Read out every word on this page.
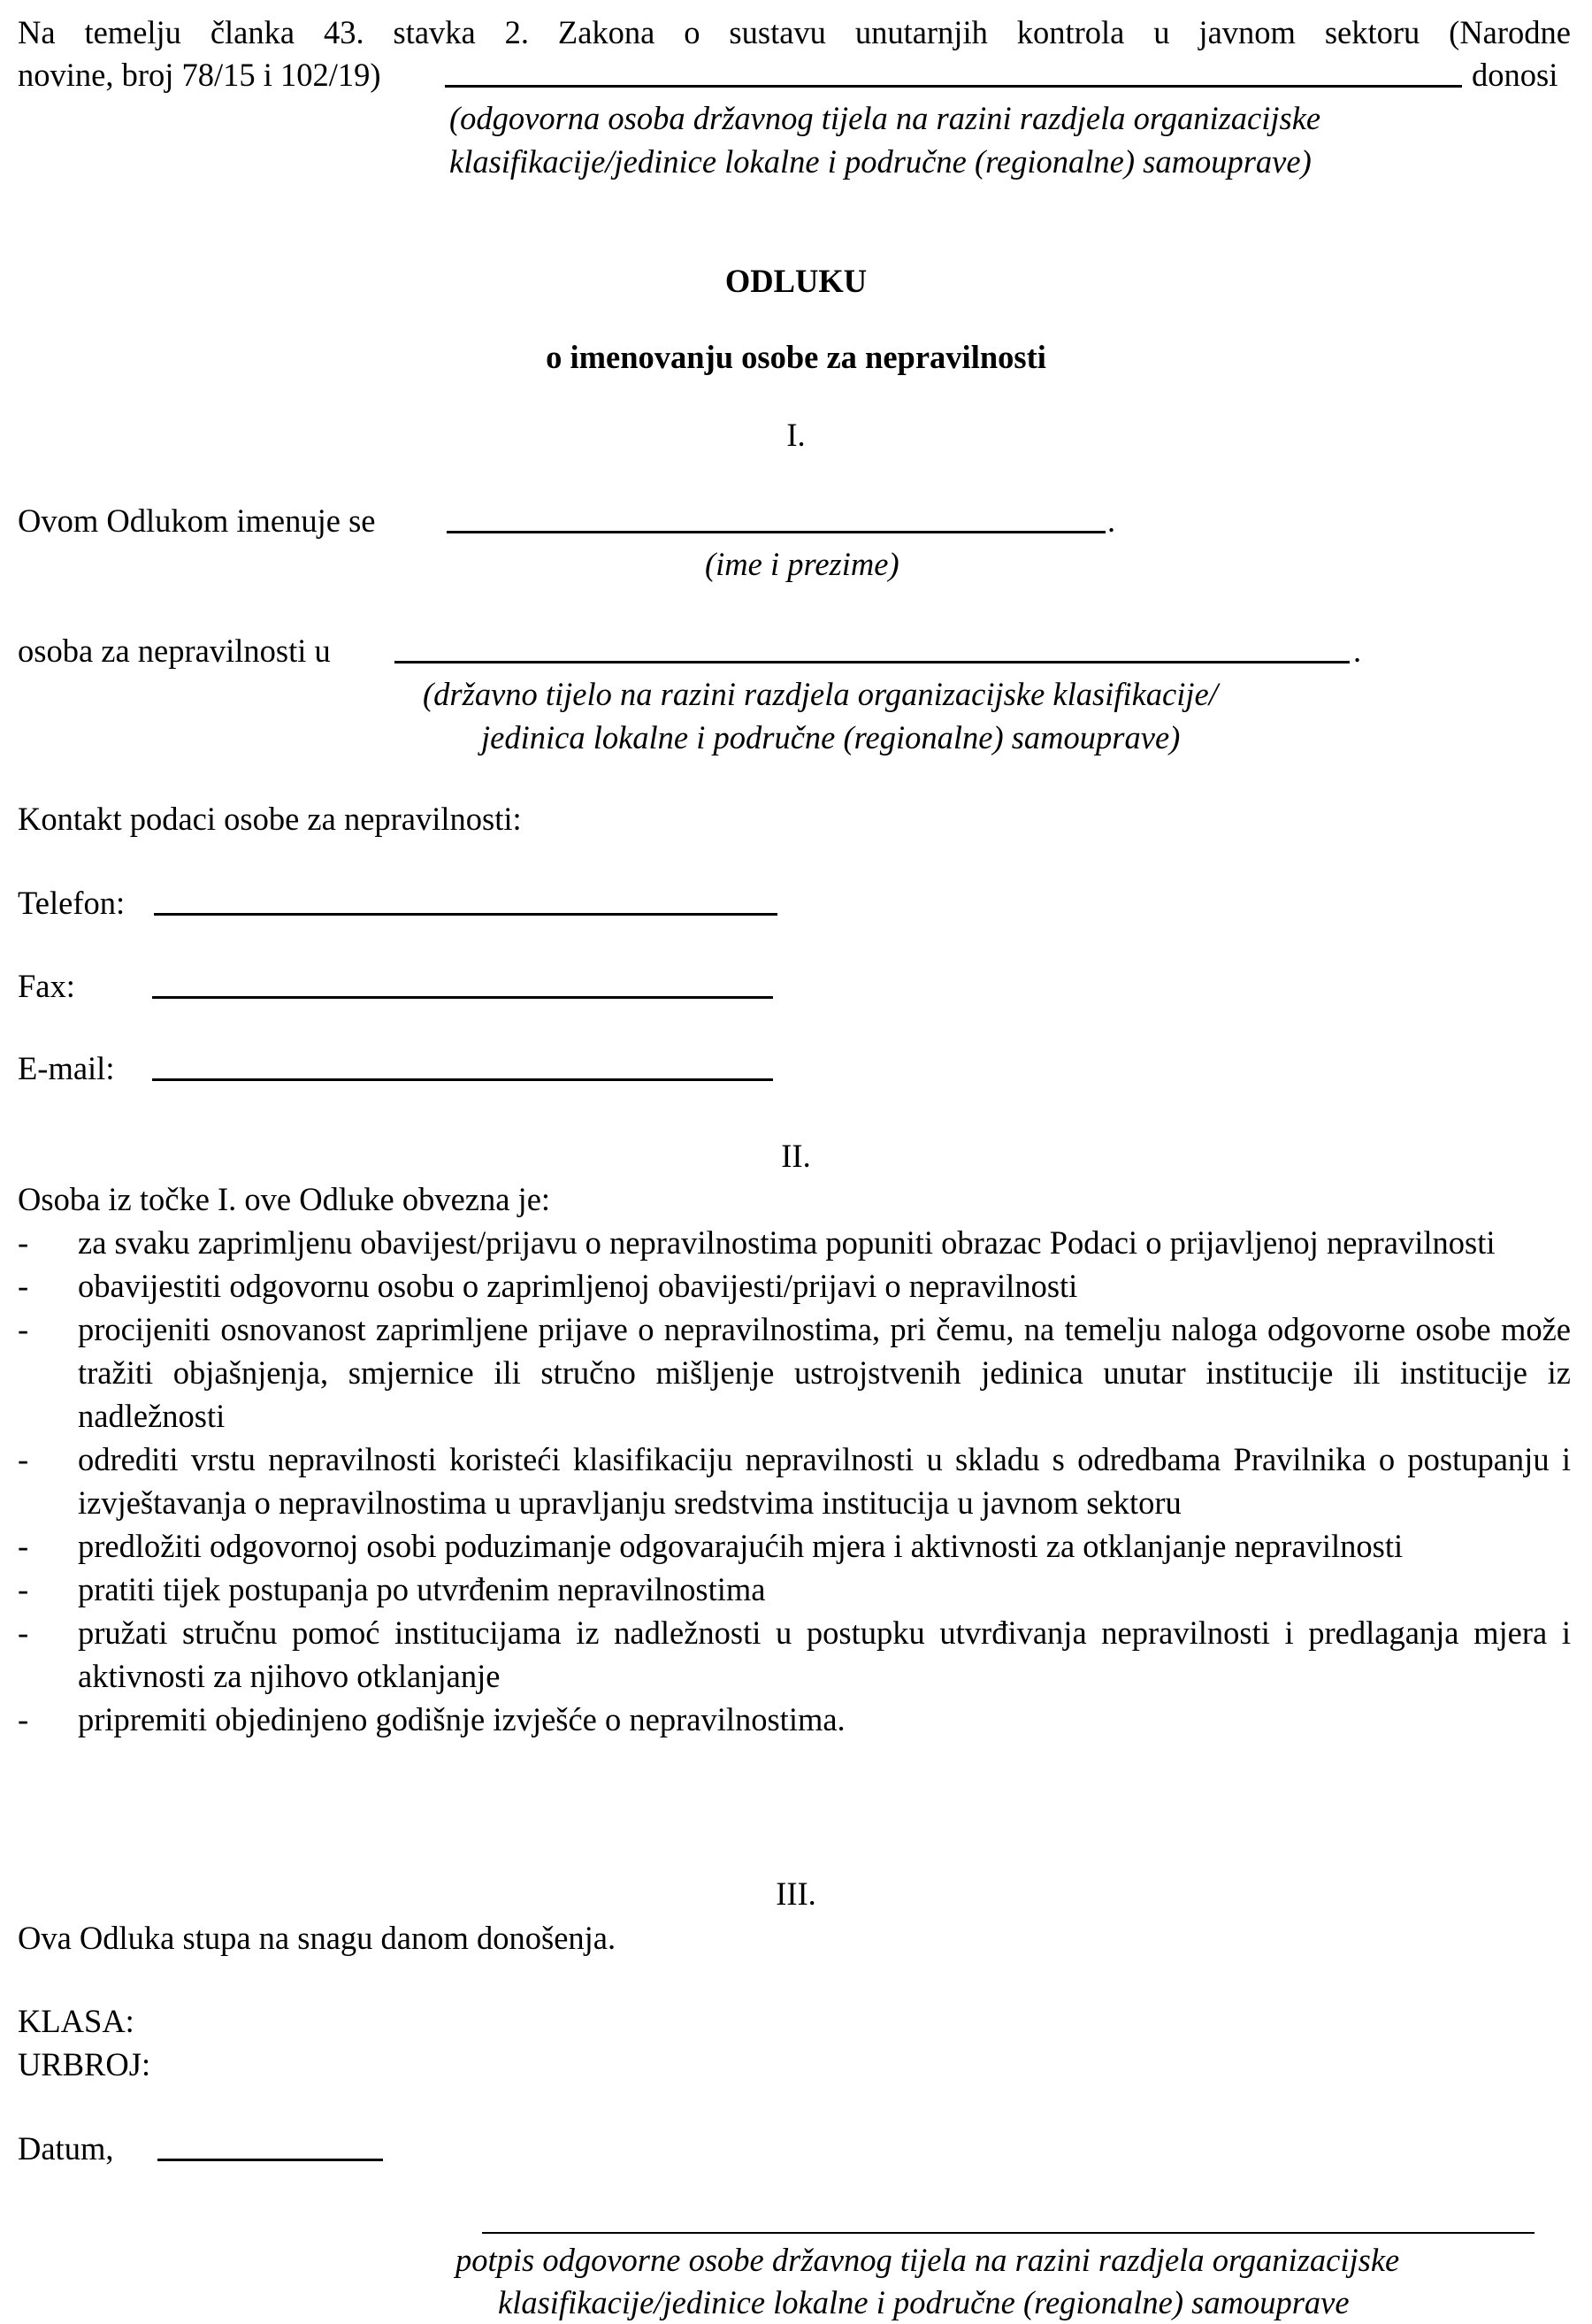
Na temelju članka 43. stavka 2. Zakona o sustavu unutarnjih kontrola u javnom sektoru (Narodne
novine, broj 78/15 i 102/19)	donosi
(odgovorna osoba državnog tijela na razini razdjela organizacijske
klasifikacije/jedinice lokalne i područne (regionalne) samouprave)
ODLUKU
o imenovanju osobe za nepravilnosti
I.
Ovom Odlukom imenuje se	.
(ime i prezime)
osoba za nepravilnosti u	.
(državno tijelo na razini razdjela organizacijske klasifikacije/
jedinica lokalne i područne (regionalne) samouprave)
Kontakt podaci osobe za nepravilnosti:
Telefon:
Fax:
E-mail:
II.
Osoba iz točke I. ove Odluke obvezna je:
- za svaku zaprimljenu obavijest/prijavu o nepravilnostima popuniti obrazac Podaci o prijavljenoj nepravilnosti
- obavijestiti odgovornu osobu o zaprimljenoj obavijesti/prijavi o nepravilnosti
- procijeniti osnovanost zaprimljene prijave o nepravilnostima, pri čemu, na temelju naloga odgovorne osobe može tražiti objašnjenja, smjernice ili stručno mišljenje ustrojstvenih jedinica unutar institucije ili institucije iz nadležnosti
- odrediti vrstu nepravilnosti koristeći klasifikaciju nepravilnosti u skladu s odredbama Pravilnika o postupanju i izvještavanja o nepravilnostima u upravljanju sredstvima institucija u javnom sektoru
- predložiti odgovornoj osobi poduzimanje odgovarajućih mjera i aktivnosti za otklanjanje nepravilnosti
- pratiti tijek postupanja po utvrđenim nepravilnostima
- pružati stručnu pomoć institucijama iz nadležnosti u postupku utvrđivanja nepravilnosti i predlaganja mjera i aktivnosti za njihovo otklanjanje
- pripremiti objedinjeno godišnje izvješće o nepravilnostima.
III.
Ova Odluka stupa na snagu danom donošenja.
KLASA:
URBROJ:
Datum,
potpis odgovorne osobe državnog tijela na razini razdjela organizacijske
klasifikacije/jedinice lokalne i područne (regionalne) samouprave
